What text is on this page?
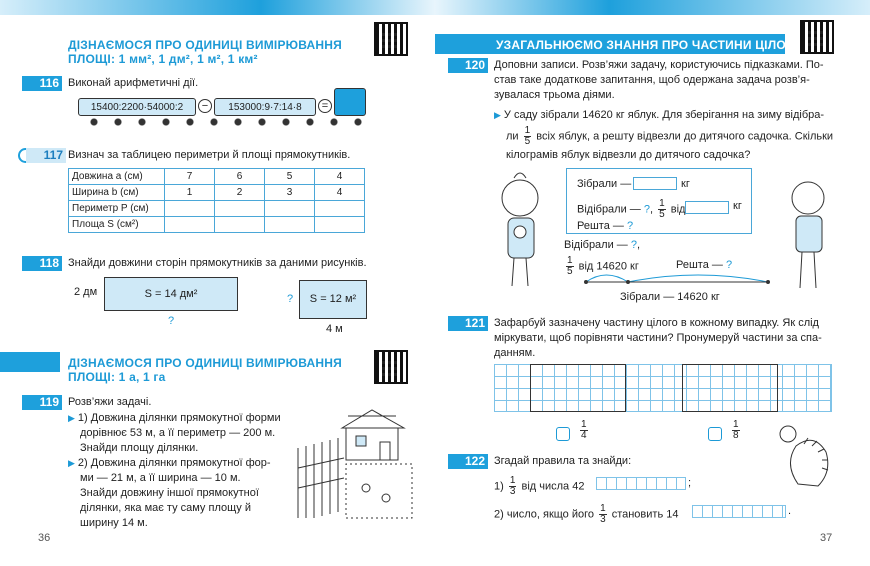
ДІЗНАЄМОСЯ ПРО ОДИНИЦІ ВИМІРЮВАННЯ
ПЛОЩІ: 1 мм², 1 дм², 1 м², 1 км²
116 Виконай арифметичні дії.
15400:2200·54000:2	−	153000:9·7:14·8	=
117 Визнач за таблицею периметри й площі прямокутників.
Довжина a (см)	7	6	5	4
Ширина b (см)	1	2	3	4
Периметр P (см)				
Площа S (см²)				
118 Знайди довжини сторін прямокутників за даними рисунків.
2 дм	S = 14 дм²
?
?	S = 12 м²
4 м
ДІЗНАЄМОСЯ ПРО ОДИНИЦІ ВИМІРЮВАННЯ
ПЛОЩІ: 1 а, 1 га
119 Розв’яжи задачі.
▶ 1) Довжина ділянки прямокутної форми
дорівнює 53 м, а її периметр — 200 м.
Знайди площу ділянки.
▶ 2) Довжина ділянки прямокутної фор-
ми — 21 м, а її ширина — 10 м.
Знайди довжину іншої прямокутної
ділянки, яка має ту саму площу й
ширину 14 м.
36
УЗАГАЛЬНЮЄМО ЗНАННЯ ПРО ЧАСТИНИ ЦІЛОГО
120 Доповни записи. Розв’яжи задачу, користуючись підказками. По-
став таке додаткове запитання, щоб одержана задача розв’я-
зувалася трьома діями.
▶ У саду зібрали 14620 кг яблук. Для зберігання на зиму відібра-
ли $\frac{1}{5}$ всіх яблук, а решту відвезли до дитячого садочка. Скільки
кілограмів яблук відвезли до дитячого садочка?
Зібрали —	кг
Відібрали — ?, $\frac{1}{5}$ від	кг
Решта — ?
Відібрали — ?,
$\frac{1}{5}$ від 14620 кг	Решта — ?
Зібрали — 14620 кг
121 Зафарбуй зазначену частину цілого в кожному випадку. Як слід
міркувати, щоб порівняти частини? Пронумеруй частини за спа-
данням.
$\frac{1}{4}$	$\frac{1}{8}$
122 Згадай правила та знайди:
$1) \frac{1}{3}$ від числа 42	;
2) число, якщо його $\frac{1}{3}$ становить 14	.
37
